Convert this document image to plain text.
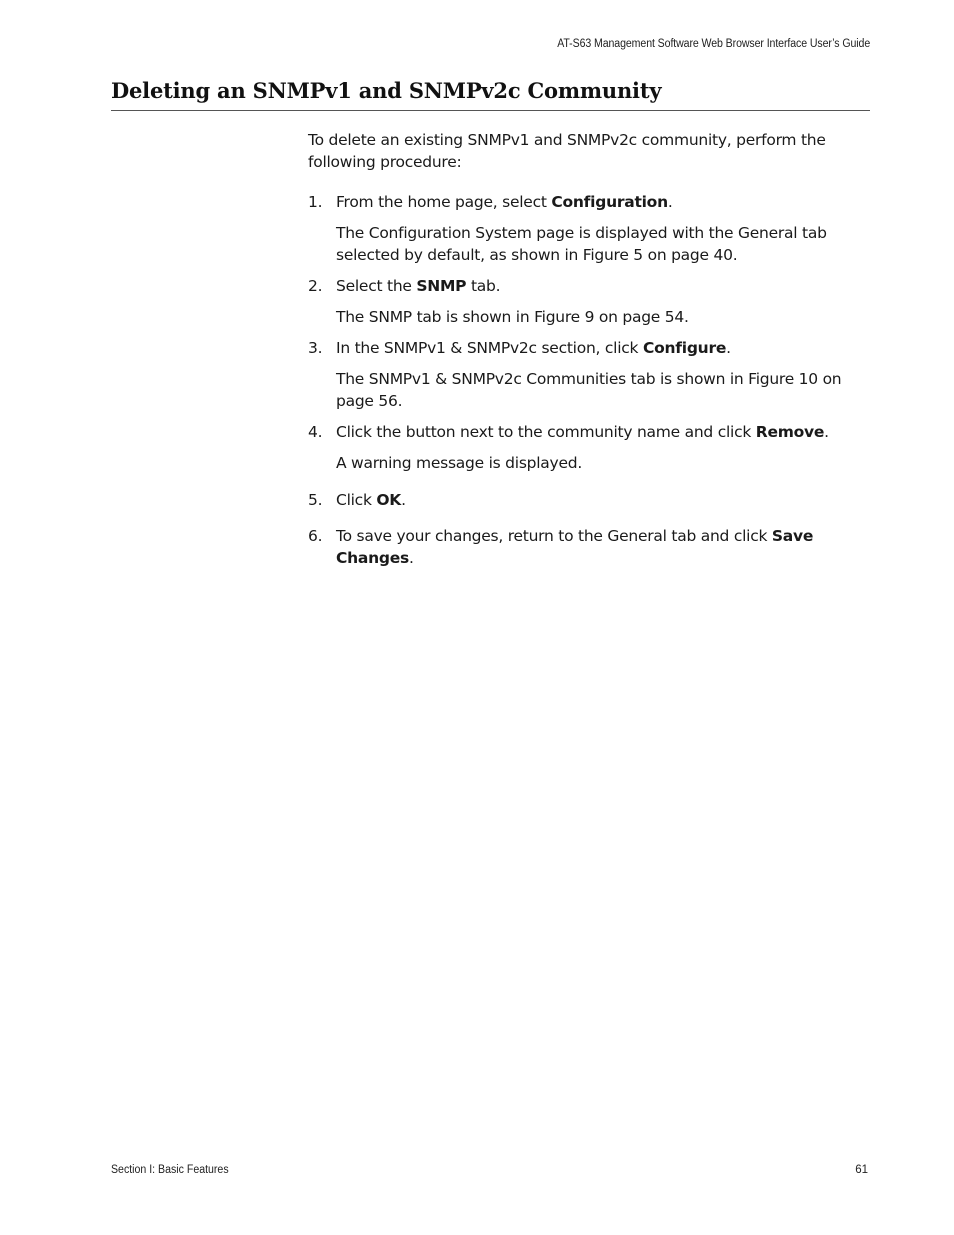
AT-S63 Management Software Web Browser Interface User’s Guide
Deleting an SNMPv1 and SNMPv2c Community

To delete an existing SNMPv1 and SNMPv2c community, perform the following procedure:

1. From the home page, select Configuration.

The Configuration System page is displayed with the General tab selected by default, as shown in Figure 5 on page 40.

2. Select the SNMP tab.

The SNMP tab is shown in Figure 9 on page 54.

3. In the SNMPv1 & SNMPv2c section, click Configure.

The SNMPv1 & SNMPv2c Communities tab is shown in Figure 10 on page 56.

4. Click the button next to the community name and click Remove.

A warning message is displayed.

5. Click OK.

6. To save your changes, return to the General tab and click Save Changes.

Section I: Basic Features	61
